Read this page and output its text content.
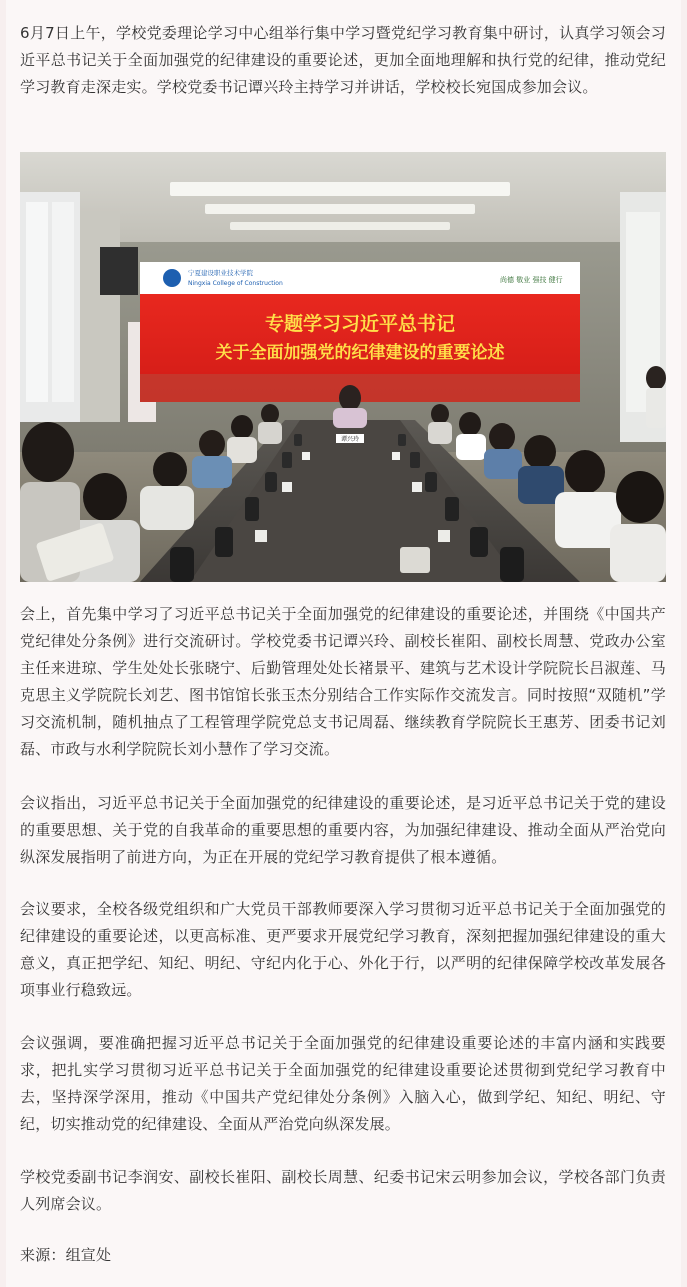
6月7日上午，学校党委理论学习中心组举行集中学习暨党纪学习教育集中研讨，认真学习领会习近平总书记关于全面加强党的纪律建设的重要论述，更加全面地理解和执行党的纪律，推动党纪学习教育走深走实。学校党委书记谭兴玲主持学习并讲话，学校校长宛国成参加会议。

宁夏建设职业技术学院
Ningxia College of Construction	尚德 敬业 强技 健行
专题学习习近平总书记
关于全面加强党的纪律建设的重要论述
谭兴玲

会上，首先集中学习了习近平总书记关于全面加强党的纪律建设的重要论述，并围绕《中国共产党纪律处分条例》进行交流研讨。学校党委书记谭兴玲、副校长崔阳、副校长周慧、党政办公室主任来进琼、学生处处长张晓宁、后勤管理处处长褚景平、建筑与艺术设计学院院长吕淑莲、马克思主义学院院长刘艺、图书馆馆长张玉杰分别结合工作实际作交流发言。同时按照“双随机”学习交流机制，随机抽点了工程管理学院党总支书记周磊、继续教育学院院长王惠芳、团委书记刘磊、市政与水利学院院长刘小慧作了学习交流。

会议指出，习近平总书记关于全面加强党的纪律建设的重要论述，是习近平总书记关于党的建设的重要思想、关于党的自我革命的重要思想的重要内容，为加强纪律建设、推动全面从严治党向纵深发展指明了前进方向，为正在开展的党纪学习教育提供了根本遵循。

会议要求，全校各级党组织和广大党员干部教师要深入学习贯彻习近平总书记关于全面加强党的纪律建设的重要论述，以更高标准、更严要求开展党纪学习教育，深刻把握加强纪律建设的重大意义，真正把学纪、知纪、明纪、守纪内化于心、外化于行，以严明的纪律保障学校改革发展各项事业行稳致远。

会议强调，要准确把握习近平总书记关于全面加强党的纪律建设重要论述的丰富内涵和实践要求，把扎实学习贯彻习近平总书记关于全面加强党的纪律建设重要论述贯彻到党纪学习教育中去，坚持深学深用，推动《中国共产党纪律处分条例》入脑入心，做到学纪、知纪、明纪、守纪，切实推动党的纪律建设、全面从严治党向纵深发展。

学校党委副书记李润安、副校长崔阳、副校长周慧、纪委书记宋云明参加会议，学校各部门负责人列席会议。

来源：组宣处
